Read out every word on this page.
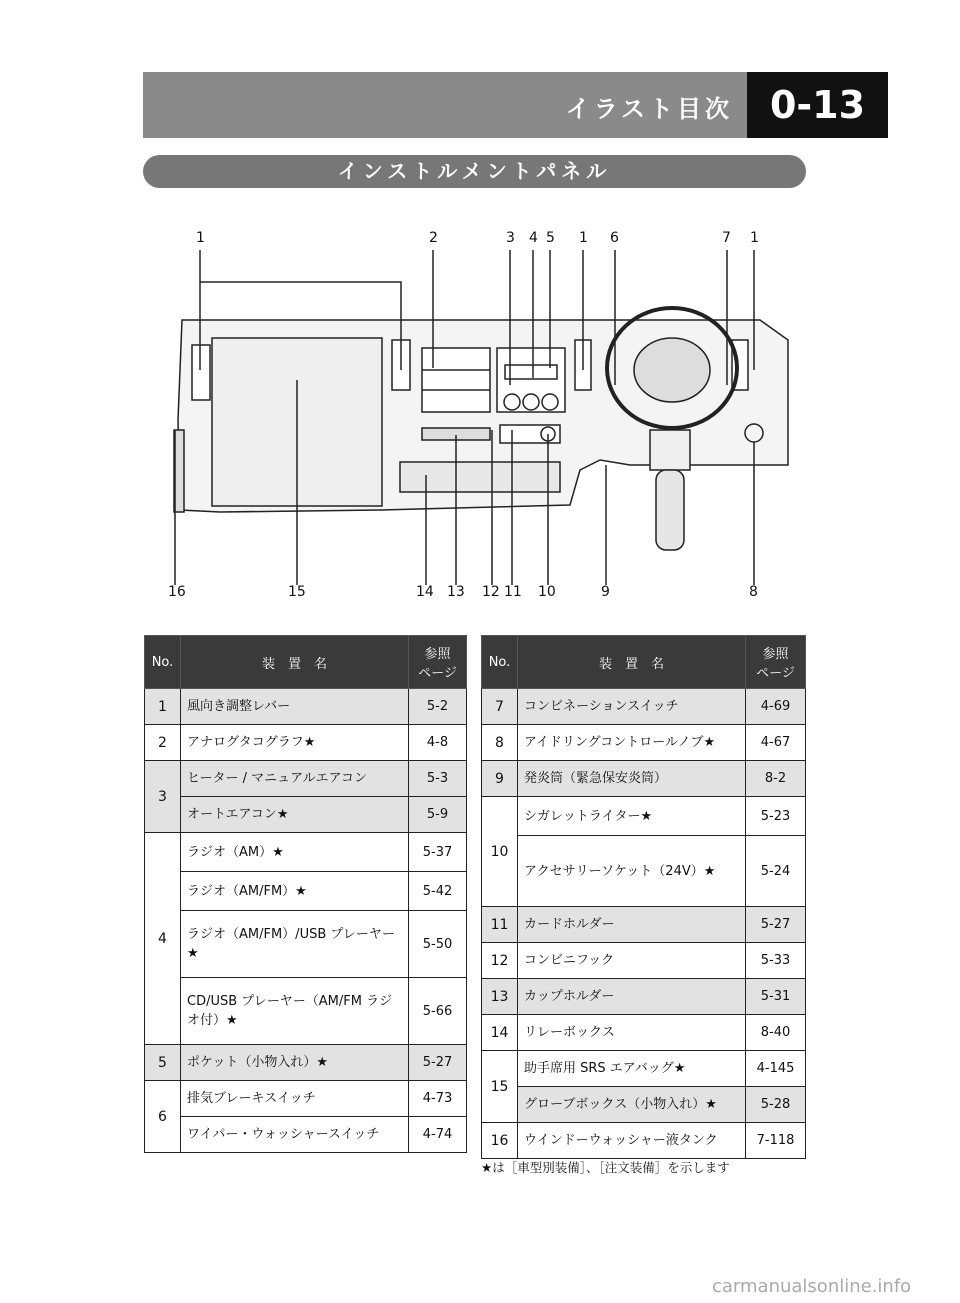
イラスト目次 0-13
インストルメントパネル
1	2	3 4 5 1 6	7 1
16	15	14 13 12 11 10	9	8
No.	装　置　名	参照
ページ
1	風向き調整レバー	5-2
2	アナログタコグラフ★	4-8
3	ヒーター / マニュアルエアコン	5-3
	オートエアコン★	5-9
4	ラジオ（AM）★	5-37
	ラジオ（AM/FM）★	5-42
	ラジオ（AM/FM）/USB プレーヤー★	5-50
	CD/USB プレーヤー（AM/FM ラジオ付）★	5-66
5	ポケット（小物入れ）★	5-27
6	排気ブレーキスイッチ	4-73
	ワイパー・ウォッシャースイッチ	4-74
No.	装　置　名	参照
ページ
7	コンビネーションスイッチ	4-69
8	アイドリングコントロールノブ★	4-67
9	発炎筒（緊急保安炎筒）	8-2
10	シガレットライター★	5-23
	アクセサリーソケット（24V）★	5-24
11	カードホルダー	5-27
12	コンビニフック	5-33
13	カップホルダー	5-31
14	リレーボックス	8-40
15	助手席用 SRS エアバッグ★	4-145
	グローブボックス（小物入れ）★	5-28
16	ウインドーウォッシャー液タンク	7-118
★は［車型別装備］、［注文装備］を示します
carmanualsonline.info
